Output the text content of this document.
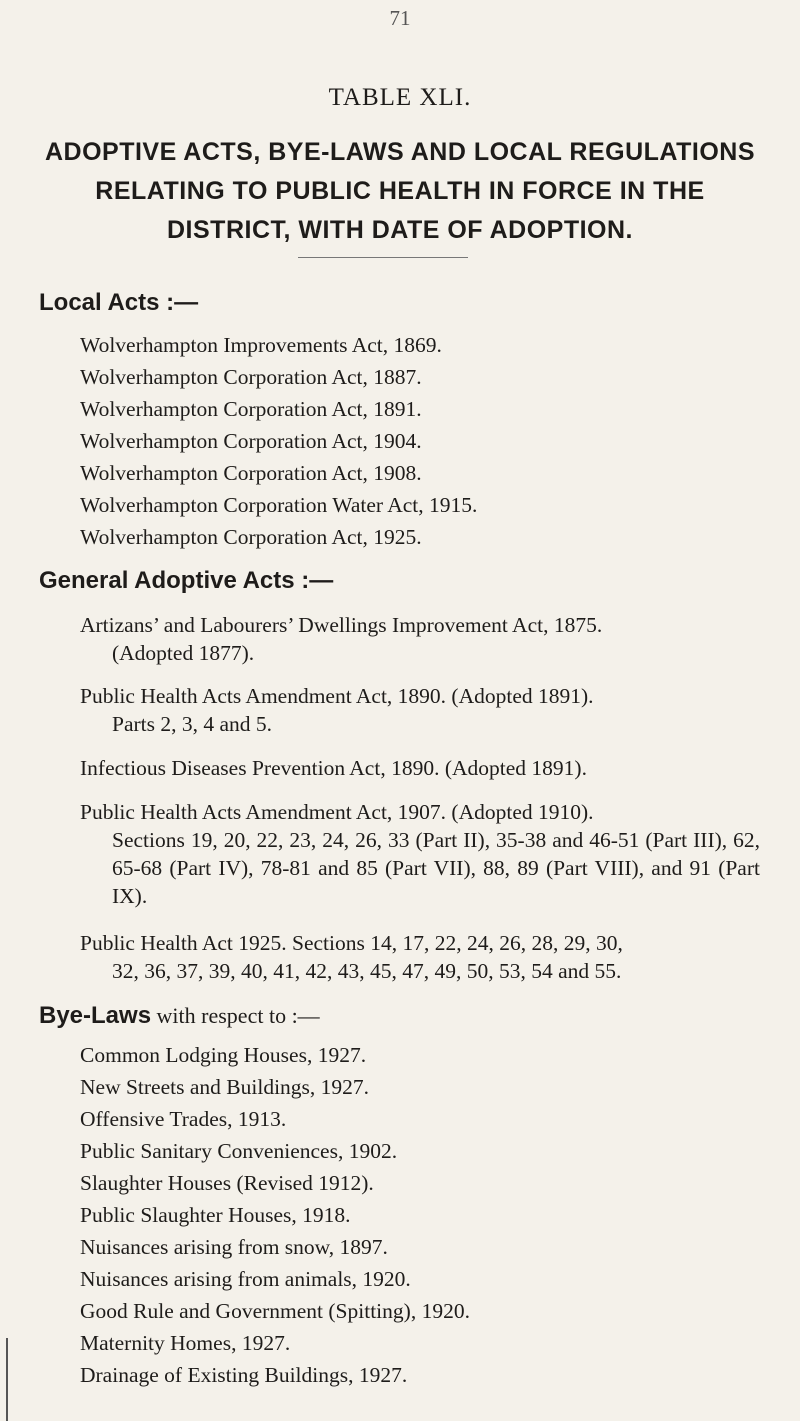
71
TABLE XLI.
ADOPTIVE ACTS, BYE-LAWS AND LOCAL REGULATIONS
RELATING TO PUBLIC HEALTH IN FORCE IN THE
DISTRICT, WITH DATE OF ADOPTION.
Local Acts :—
Wolverhampton Improvements Act, 1869.
Wolverhampton Corporation Act, 1887.
Wolverhampton Corporation Act, 1891.
Wolverhampton Corporation Act, 1904.
Wolverhampton Corporation Act, 1908.
Wolverhampton Corporation Water Act, 1915.
Wolverhampton Corporation Act, 1925.
General Adoptive Acts :—
Artizans’ and Labourers’ Dwellings Improvement Act, 1875.
(Adopted 1877).
Public Health Acts Amendment Act, 1890. (Adopted 1891).
Parts 2, 3, 4 and 5.
Infectious Diseases Prevention Act, 1890. (Adopted 1891).
Public Health Acts Amendment Act, 1907. (Adopted 1910).
Sections 19, 20, 22, 23, 24, 26, 33 (Part II), 35-38 and 46-51 (Part III), 62, 65-68 (Part IV), 78-81 and 85 (Part VII), 88, 89 (Part VIII), and 91 (Part IX).
Public Health Act 1925. Sections 14, 17, 22, 24, 26, 28, 29, 30,
32, 36, 37, 39, 40, 41, 42, 43, 45, 47, 49, 50, 53, 54 and 55.
Bye-Laws with respect to :—
Common Lodging Houses, 1927.
New Streets and Buildings, 1927.
Offensive Trades, 1913.
Public Sanitary Conveniences, 1902.
Slaughter Houses (Revised 1912).
Public Slaughter Houses, 1918.
Nuisances arising from snow, 1897.
Nuisances arising from animals, 1920.
Good Rule and Government (Spitting), 1920.
Maternity Homes, 1927.
Drainage of Existing Buildings, 1927.
